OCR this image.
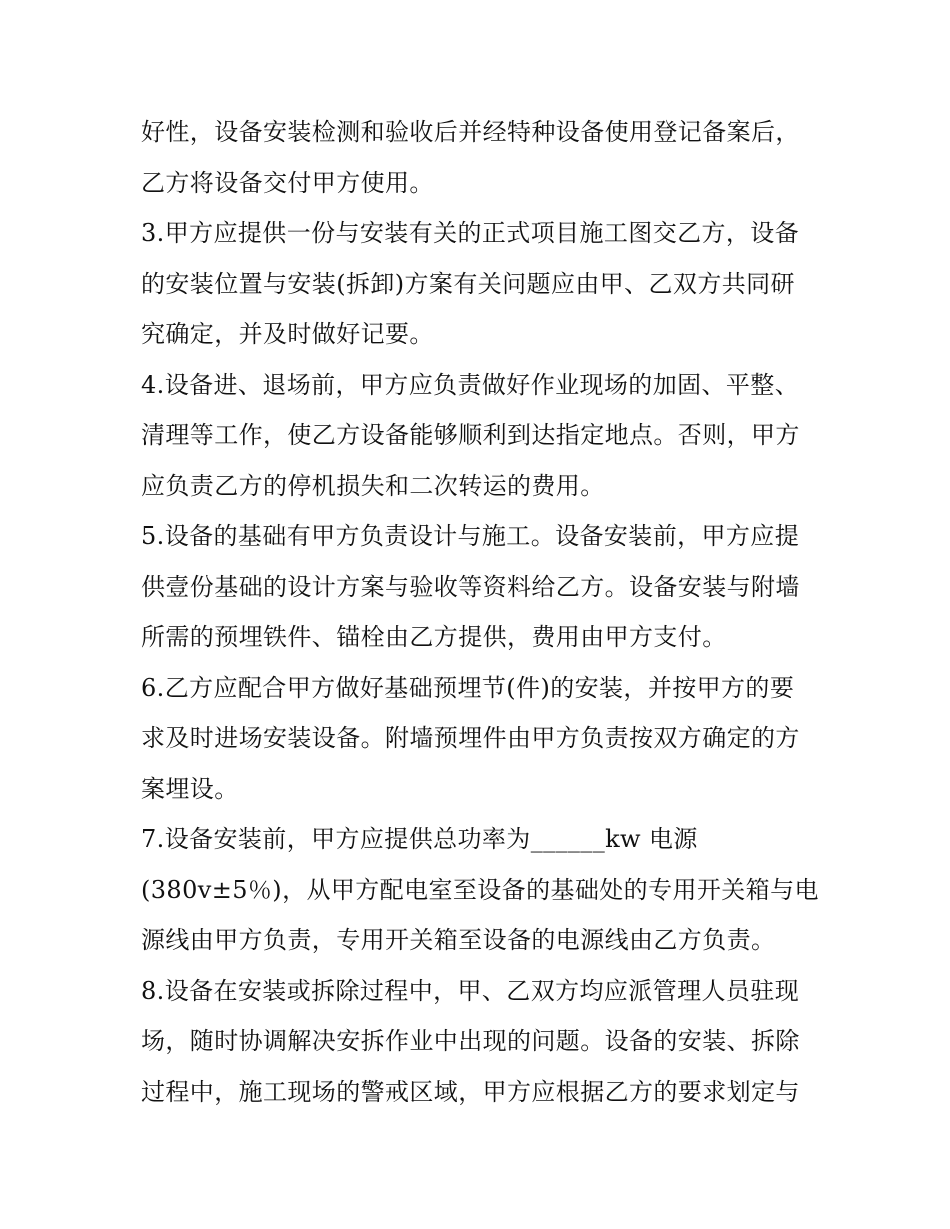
好性，设备安装检测和验收后并经特种设备使用登记备案后，
乙方将设备交付甲方使用。
3.甲方应提供一份与安装有关的正式项目施工图交乙方，设备
的安装位置与安装(拆卸)方案有关问题应由甲、乙双方共同研
究确定，并及时做好记要。
4.设备进、退场前，甲方应负责做好作业现场的加固、平整、
清理等工作，使乙方设备能够顺利到达指定地点。否则，甲方
应负责乙方的停机损失和二次转运的费用。
5.设备的基础有甲方负责设计与施工。设备安装前，甲方应提
供壹份基础的设计方案与验收等资料给乙方。设备安装与附墙
所需的预埋铁件、锚栓由乙方提供，费用由甲方支付。
6.乙方应配合甲方做好基础预埋节(件)的安装，并按甲方的要
求及时进场安装设备。附墙预埋件由甲方负责按双方确定的方
案埋设。
7.设备安装前，甲方应提供总功率为______kw 电源
(380v±5％)，从甲方配电室至设备的基础处的专用开关箱与电
源线由甲方负责，专用开关箱至设备的电源线由乙方负责。
8.设备在安装或拆除过程中，甲、乙双方均应派管理人员驻现
场，随时协调解决安拆作业中出现的问题。设备的安装、拆除
过程中，施工现场的警戒区域，甲方应根据乙方的要求划定与
